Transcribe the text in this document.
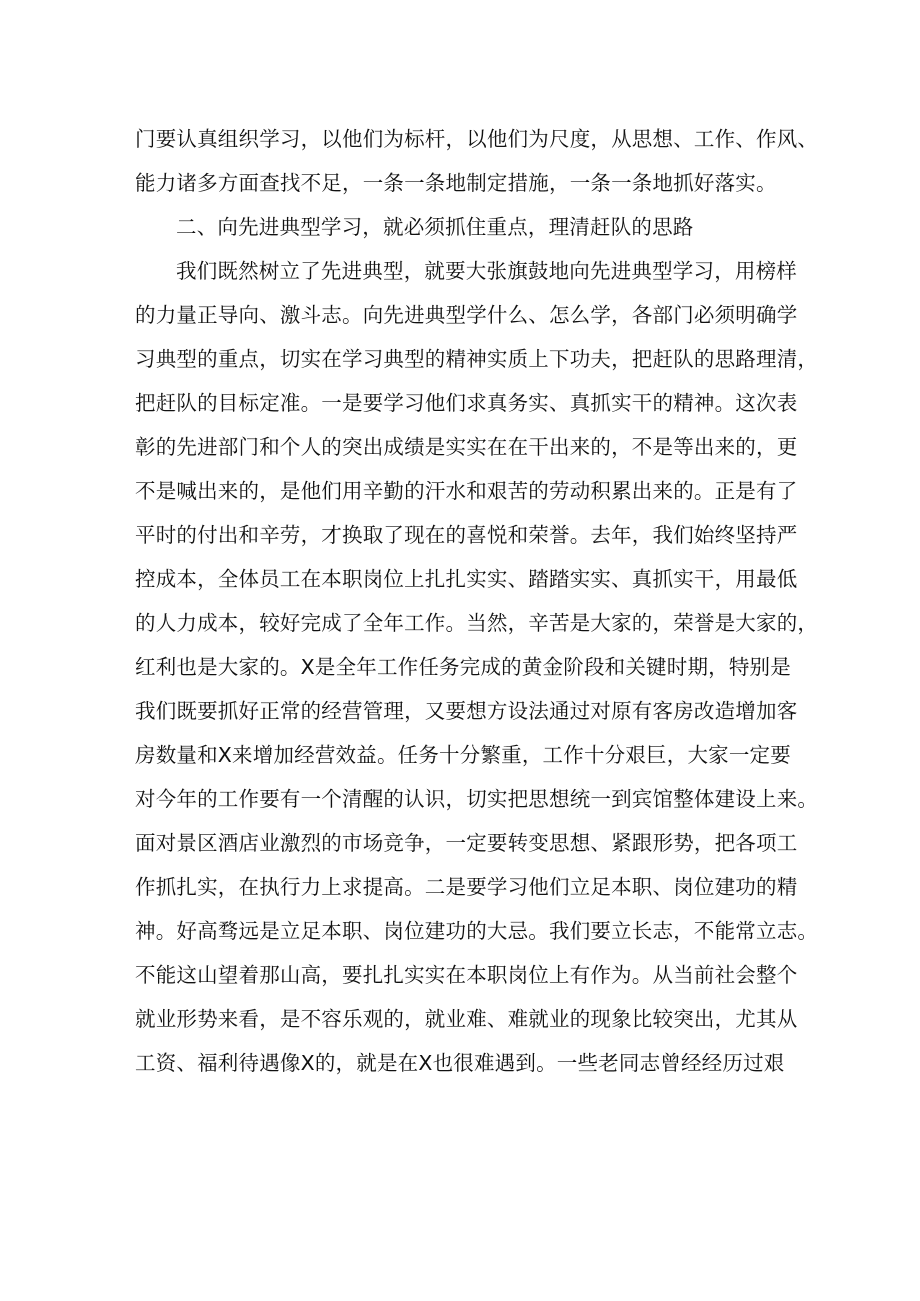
门要认真组织学习，以他们为标杆，以他们为尺度，从思想、工作、作风、
能力诸多方面查找不足，一条一条地制定措施，一条一条地抓好落实。
二、向先进典型学习，就必须抓住重点，理清赶队的思路
我们既然树立了先进典型，就要大张旗鼓地向先进典型学习，用榜样
的力量正导向、激斗志。向先进典型学什么、怎么学，各部门必须明确学
习典型的重点，切实在学习典型的精神实质上下功夫，把赶队的思路理清，
把赶队的目标定准。一是要学习他们求真务实、真抓实干的精神。这次表
彰的先进部门和个人的突出成绩是实实在在干出来的，不是等出来的，更
不是喊出来的，是他们用辛勤的汗水和艰苦的劳动积累出来的。正是有了
平时的付出和辛劳，才换取了现在的喜悦和荣誉。去年，我们始终坚持严
控成本，全体员工在本职岗位上扎扎实实、踏踏实实、真抓实干，用最低
的人力成本，较好完成了全年工作。当然，辛苦是大家的，荣誉是大家的，
红利也是大家的。X是全年工作任务完成的黄金阶段和关键时期，特别是
我们既要抓好正常的经营管理，又要想方设法通过对原有客房改造增加客
房数量和X来增加经营效益。任务十分繁重，工作十分艰巨，大家一定要
对今年的工作要有一个清醒的认识，切实把思想统一到宾馆整体建设上来。
面对景区酒店业激烈的市场竞争，一定要转变思想、紧跟形势，把各项工
作抓扎实，在执行力上求提高。二是要学习他们立足本职、岗位建功的精
神。好高骛远是立足本职、岗位建功的大忌。我们要立长志，不能常立志。
不能这山望着那山高，要扎扎实实在本职岗位上有作为。从当前社会整个
就业形势来看，是不容乐观的，就业难、难就业的现象比较突出，尤其从
工资、福利待遇像X的，就是在X也很难遇到。一些老同志曾经经历过艰
